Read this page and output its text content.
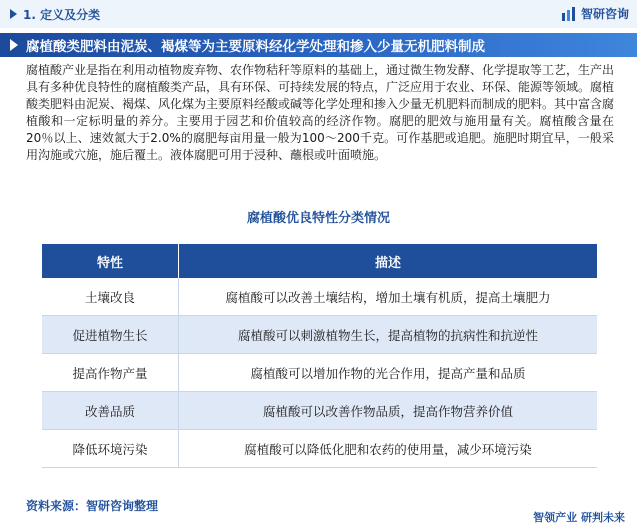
1. 定义及分类	智研咨询
腐植酸类肥料由泥炭、褐煤等为主要原料经化学处理和掺入少量无机肥料制成
腐植酸产业是指在利用动植物废弃物、农作物秸秆等原料的基础上，通过微生物发酵、化学提取等工艺，生产出具有多种优良特性的腐植酸类产品，具有环保、可持续发展的特点，广泛应用于农业、环保、能源等领域。腐植酸类肥料由泥炭、褐煤、风化煤为主要原料经酸或碱等化学处理和掺入少量无机肥料而制成的肥料。其中富含腐植酸和一定标明量的养分。主要用于园艺和价值较高的经济作物。腐肥的肥效与施用量有关。腐植酸含量在20％以上、速效氮大于2.0%的腐肥每亩用量一般为100～200千克。可作基肥或追肥。施肥时期宜早，一般采用沟施或穴施，施后覆土。液体腐肥可用于浸种、蘸根或叶面喷施。
腐植酸优良特性分类情况
特性	描述
土壤改良	腐植酸可以改善土壤结构，增加土壤有机质，提高土壤肥力
促进植物生长	腐植酸可以刺激植物生长，提高植物的抗病性和抗逆性
提高作物产量	腐植酸可以增加作物的光合作用，提高产量和品质
改善品质	腐植酸可以改善作物品质，提高作物营养价值
降低环境污染	腐植酸可以降低化肥和农药的使用量，减少环境污染
资料来源：智研咨询整理
智领产业 研判未来
